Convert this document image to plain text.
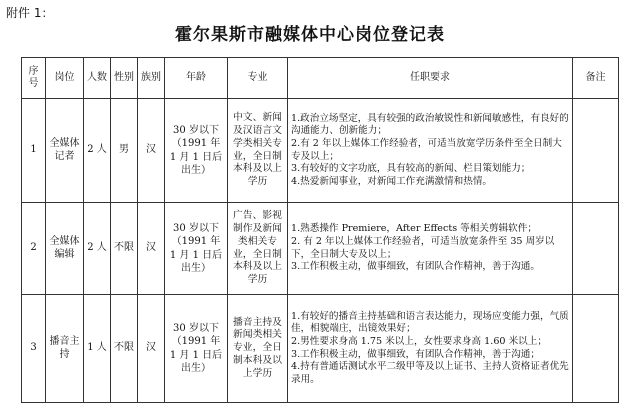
附件 1：
霍尔果斯市融媒体中心岗位登记表
序号	岗位	人数	性别	族别	年龄	专业	任职要求	备注
1	全媒体记者	2 人	男	汉	30 岁以下（1991 年 1 月 1 日后出生）	中文、新闻及汉语言文学类相关专业，全日制本科及以上学历	1.政治立场坚定，具有较强的政治敏锐性和新闻敏感性，有良好的沟通能力、创新能力；
2.有 2 年以上媒体工作经验者，可适当放宽学历条件至全日制大专及以上；
3.有较好的文字功底，具有较高的新闻、栏目策划能力；
4.热爱新闻事业，对新闻工作充满激情和热情。	

2	全媒体编辑	2 人	不限	汉	30 岁以下（1991 年 1 月 1 日后出生）	广告、影视制作及新闻类相关专业，全日制本科及以上学历	1.熟悉操作 Premiere，After Effects 等相关剪辑软件；
2. 有 2 年以上媒体工作经验者，可适当放宽条件至 35 周岁以下，全日制大专及以上；
3.工作积极主动，做事细致，有团队合作精神，善于沟通。	

3	播音主持	1 人	不限	汉	30 岁以下（1991 年 1 月 1 日后出生）	播音主持及新闻类相关专业，全日制本科及以上学历	1.有较好的播音主持基础和语言表达能力，现场应变能力强，气质佳，相貌端庄，出镜效果好；
2.男性要求身高 1.75 米以上，女性要求身高 1.60 米以上；
3.工作积极主动，做事细致，有团队合作精神，善于沟通；
4.持有普通话测试水平二级甲等及以上证书、主持人资格证者优先录用。	
